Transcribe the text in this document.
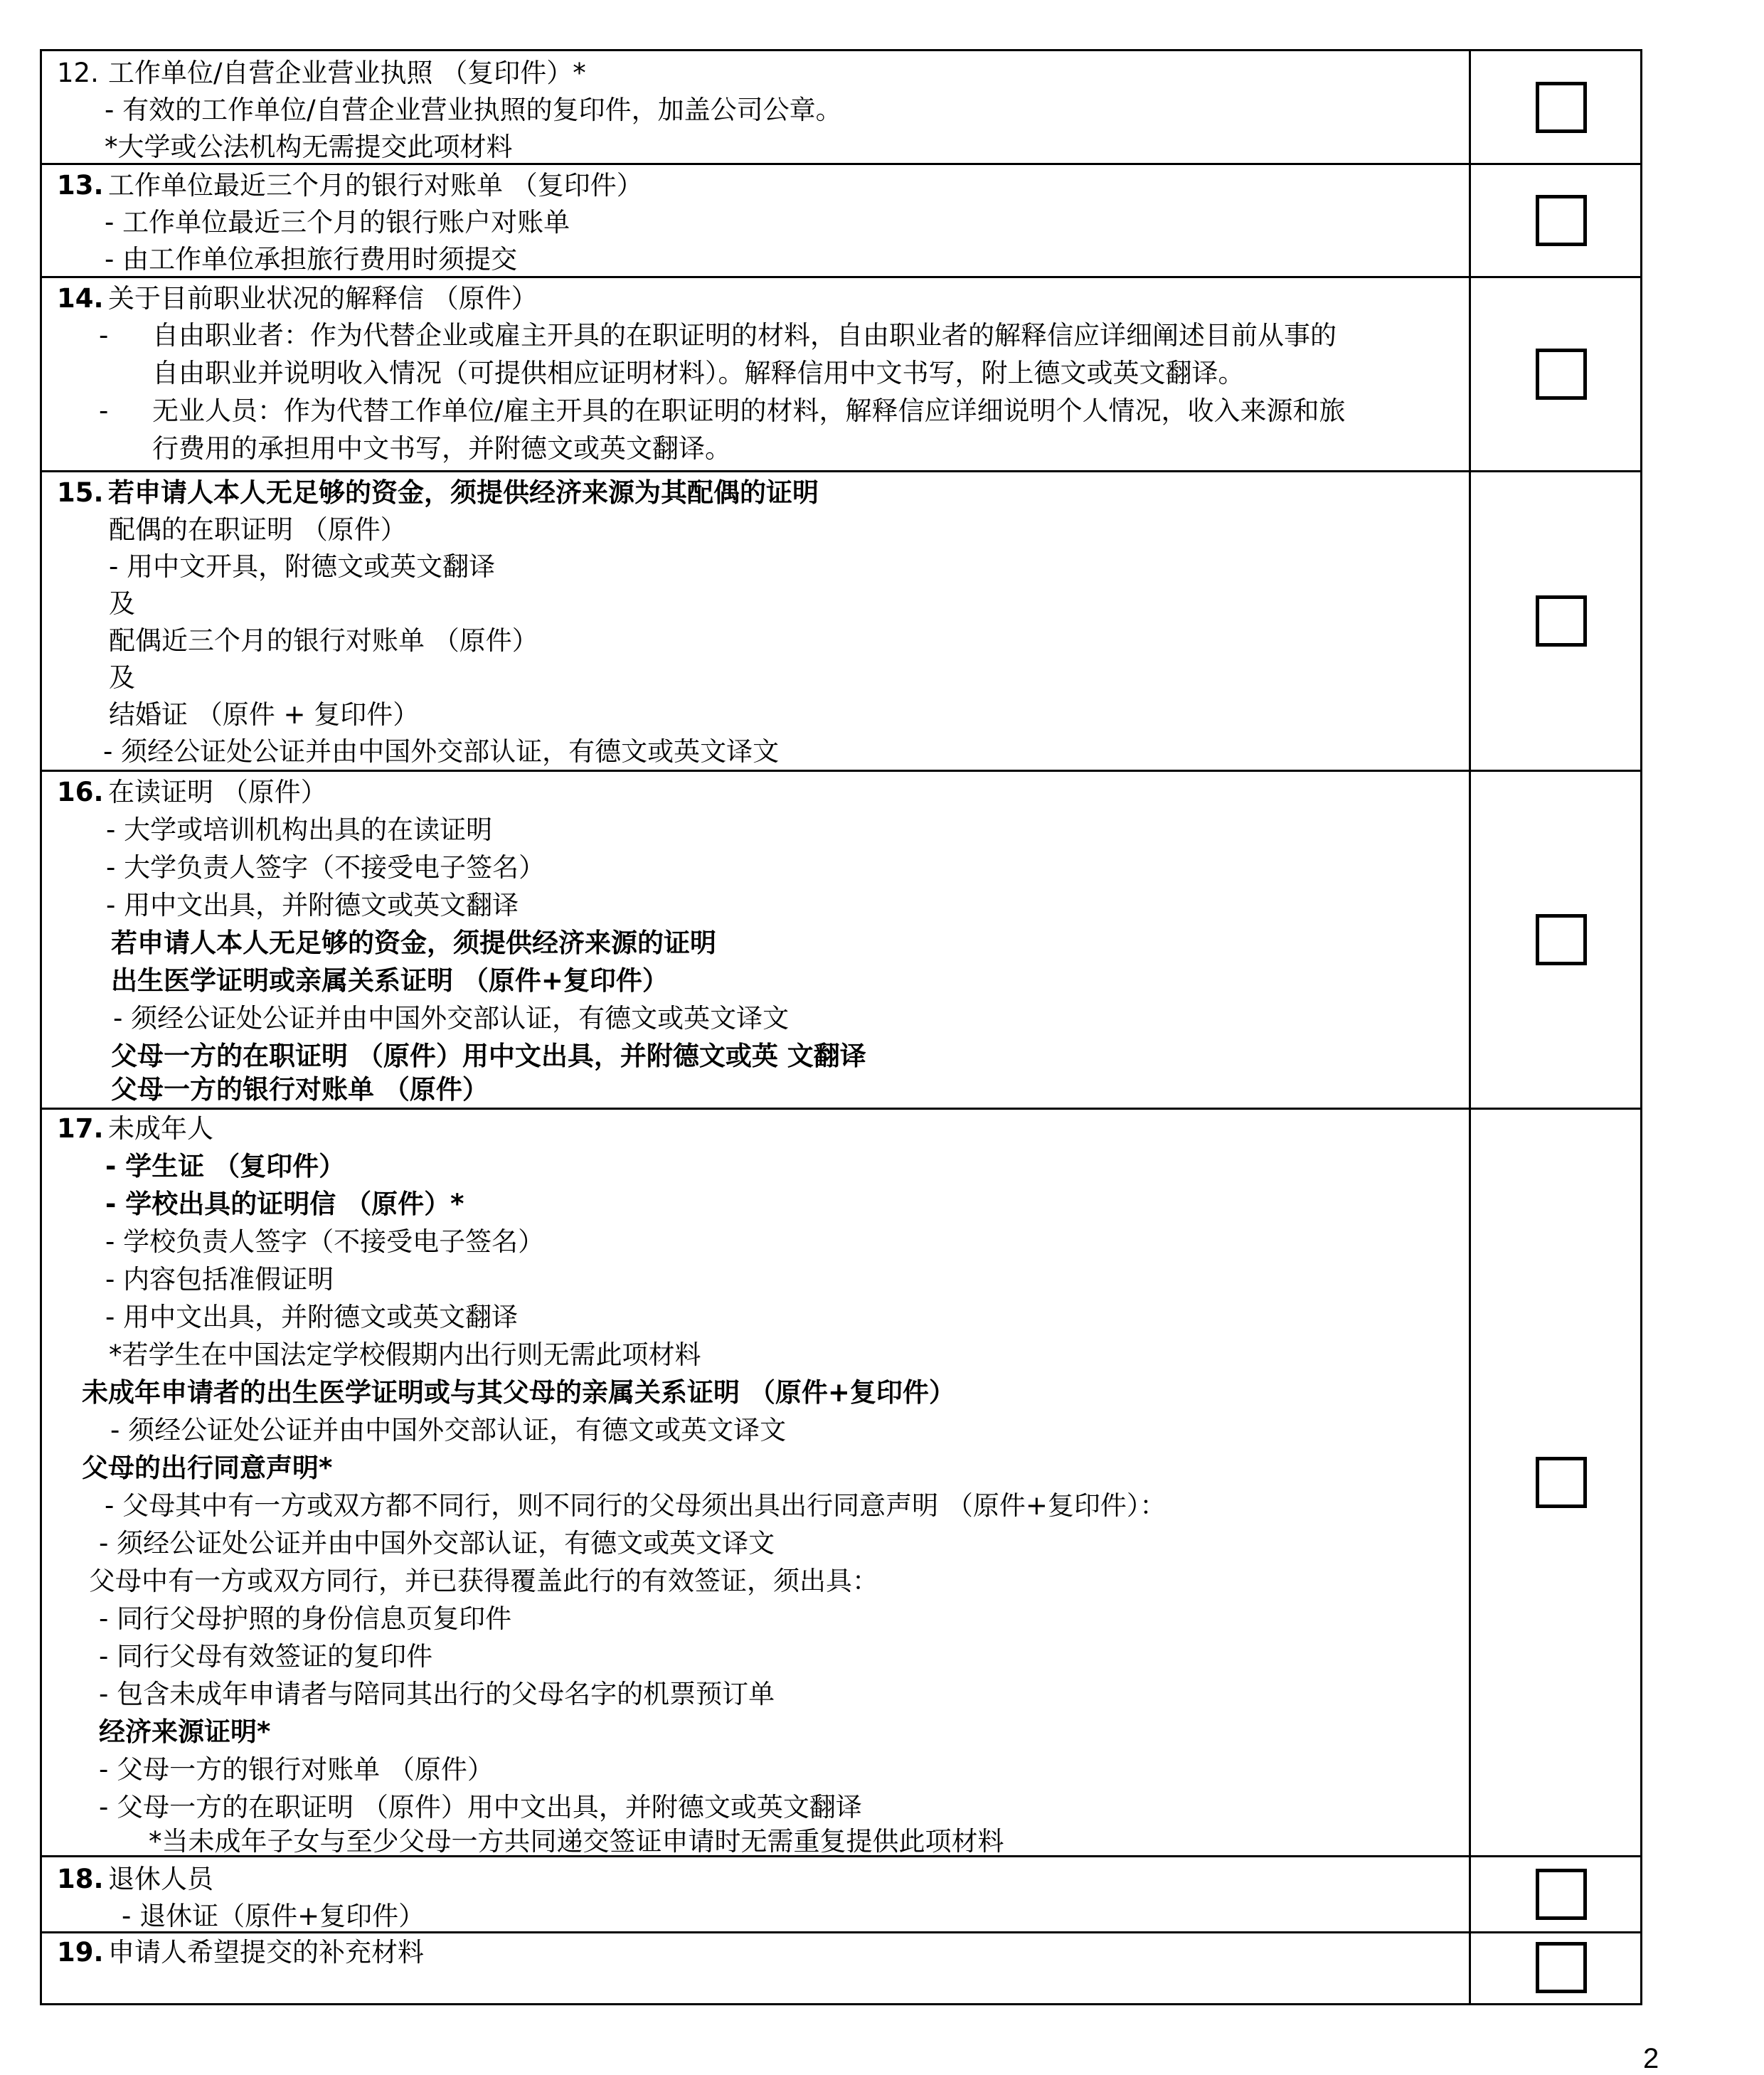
12. 工作单位/自营企业营业执照 （复印件）*
- 有效的工作单位/自营企业营业执照的复印件，加盖公司公章。
*大学或公法机构无需提交此项材料
13. 工作单位最近三个月的银行对账单 （复印件）
- 工作单位最近三个月的银行账户对账单
- 由工作单位承担旅行费用时须提交
14. 关于目前职业状况的解释信 （原件）
- 自由职业者：作为代替企业或雇主开具的在职证明的材料，自由职业者的解释信应详细阐述目前从事的
自由职业并说明收入情况（可提供相应证明材料）。解释信用中文书写，附上德文或英文翻译。
- 无业人员：作为代替工作单位/雇主开具的在职证明的材料，解释信应详细说明个人情况，收入来源和旅
行费用的承担用中文书写，并附德文或英文翻译。
15. 若申请人本人无足够的资金，须提供经济来源为其配偶的证明
配偶的在职证明 （原件）
- 用中文开具，附德文或英文翻译
及
配偶近三个月的银行对账单 （原件）
及
结婚证 （原件 + 复印件）
- 须经公证处公证并由中国外交部认证，有德文或英文译文
16. 在读证明 （原件）
- 大学或培训机构出具的在读证明
- 大学负责人签字（不接受电子签名）
- 用中文出具，并附德文或英文翻译
若申请人本人无足够的资金，须提供经济来源的证明
出生医学证明或亲属关系证明 （原件+复印件）
- 须经公证处公证并由中国外交部认证，有德文或英文译文
父母一方的在职证明 （原件）用中文出具，并附德文或英 文翻译
父母一方的银行对账单 （原件）
17. 未成年人
- 学生证 （复印件）
- 学校出具的证明信 （原件）*
- 学校负责人签字（不接受电子签名）
- 内容包括准假证明
- 用中文出具，并附德文或英文翻译
*若学生在中国法定学校假期内出行则无需此项材料
未成年申请者的出生医学证明或与其父母的亲属关系证明 （原件+复印件）
- 须经公证处公证并由中国外交部认证，有德文或英文译文
父母的出行同意声明*
- 父母其中有一方或双方都不同行，则不同行的父母须出具出行同意声明 （原件+复印件）：
- 须经公证处公证并由中国外交部认证，有德文或英文译文
父母中有一方或双方同行，并已获得覆盖此行的有效签证，须出具：
- 同行父母护照的身份信息页复印件
- 同行父母有效签证的复印件
- 包含未成年申请者与陪同其出行的父母名字的机票预订单
经济来源证明*
- 父母一方的银行对账单 （原件）
- 父母一方的在职证明 （原件）用中文出具，并附德文或英文翻译
*当未成年子女与至少父母一方共同递交签证申请时无需重复提供此项材料
18. 退休人员
- 退休证（原件+复印件）
19. 申请人希望提交的补充材料
2
